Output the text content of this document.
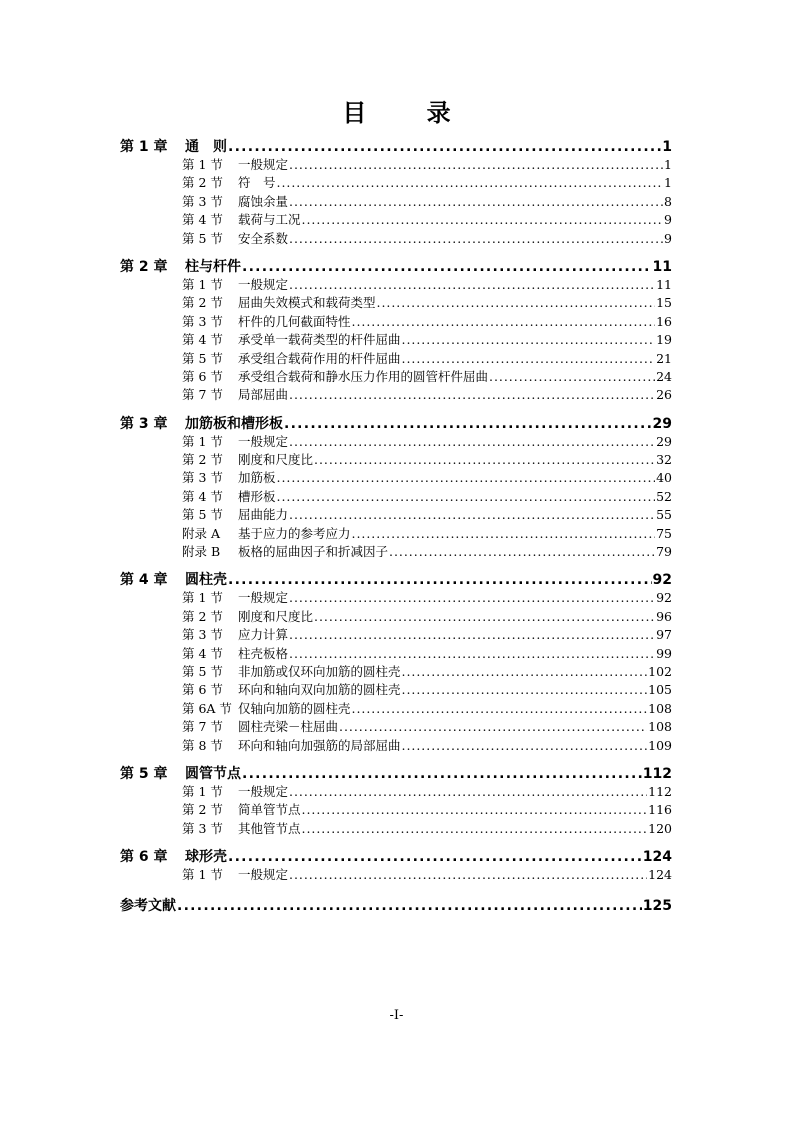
目 录
第 1 章 通　则 . . .	1
第 1 节 一般规定 . . .	1
第 2 节 符　号 . . .	1
第 3 节 腐蚀余量 . . .	8
第 4 节 载荷与工况 . . .	9
第 5 节 安全系数 . . .	9
第 2 章 柱与杆件 . . .	11
第 1 节 一般规定 . . .	11
第 2 节 屈曲失效模式和载荷类型 . . .	15
第 3 节 杆件的几何截面特性 . . .	16
第 4 节 承受单一载荷类型的杆件屈曲 . . .	19
第 5 节 承受组合载荷作用的杆件屈曲 . . .	21
第 6 节 承受组合载荷和静水压力作用的圆管杆件屈曲 . . .	24
第 7 节 局部屈曲 . . .	26
第 3 章 加筋板和槽形板 . . .	29
第 1 节 一般规定 . . .	29
第 2 节 刚度和尺度比 . . .	32
第 3 节 加筋板 . . .	40
第 4 节 槽形板 . . .	52
第 5 节 屈曲能力 . . .	55
附录 A 基于应力的参考应力 . . .	75
附录 B 板格的屈曲因子和折减因子 . . .	79
第 4 章 圆柱壳 . . .	92
第 1 节 一般规定 . . .	92
第 2 节 刚度和尺度比 . . .	96
第 3 节 应力计算 . . .	97
第 4 节 柱壳板格 . . .	99
第 5 节 非加筋或仅环向加筋的圆柱壳 . . .	102
第 6 节 环向和轴向双向加筋的圆柱壳 . . .	105
第 6A 节 仅轴向加筋的圆柱壳 . . .	108
第 7 节 圆柱壳梁－柱屈曲 . . .	108
第 8 节 环向和轴向加强筋的局部屈曲 . . .	109
第 5 章 圆管节点 . . .	112
第 1 节 一般规定 . . .	112
第 2 节 简单管节点 . . .	116
第 3 节 其他管节点 . . .	120
第 6 章 球形壳 . . .	124
第 1 节 一般规定 . . .	124
参考文献 . . .	125
-I-
